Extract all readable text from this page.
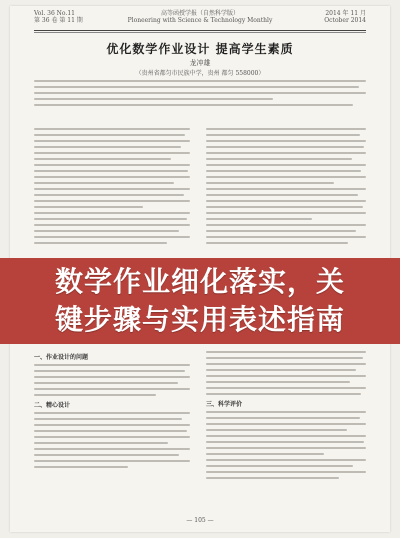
Vol. 36 No.11
第 36 卷 第 11 期
高等函授学报（自然科学版）
Ploneering with Science & Technology Monthly
2014 年 11 月
October 2014
优化数学作业设计 提高学生素质
龙冲雄
（贵州省都匀市民族中学，贵州 都匀 558000）
一、作业设计的问题
二、精心设计	三、科学评价
— 105 —
数学作业细化落实，关
键步骤与实用表述指南
